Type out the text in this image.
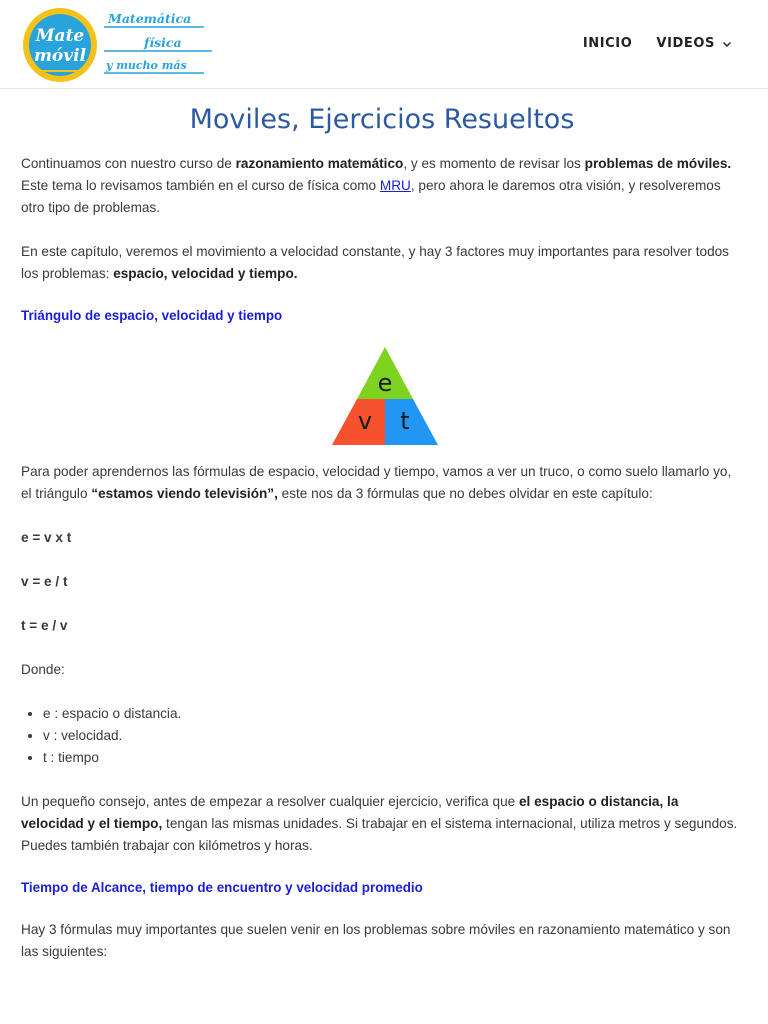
Mate
móvil
Matemática
física
y mucho más
INICIO VIDEOS
Moviles, Ejercicios Resueltos

Continuamos con nuestro curso de razonamiento matemático, y es momento de revisar los problemas de móviles. Este tema lo revisamos también en el curso de física como MRU, pero ahora le daremos otra visión, y resolveremos otro tipo de problemas.

En este capítulo, veremos el movimiento a velocidad constante, y hay 3 factores muy importantes para resolver todos los problemas: espacio, velocidad y tiempo.

Triángulo de espacio, velocidad y tiempo
e
v t

Para poder aprendernos las fórmulas de espacio, velocidad y tiempo, vamos a ver un truco, o como suelo llamarlo yo, el triángulo “estamos viendo televisión”, este nos da 3 fórmulas que no debes olvidar en este capítulo:

e = v x t

v = e / t

t = e / v

Donde:

• e : espacio o distancia.
• v : velocidad.
• t : tiempo

Un pequeño consejo, antes de empezar a resolver cualquier ejercicio, verifica que el espacio o distancia, la velocidad y el tiempo, tengan las mismas unidades. Si trabajar en el sistema internacional, utiliza metros y segundos. Puedes también trabajar con kilómetros y horas.

Tiempo de Alcance, tiempo de encuentro y velocidad promedio

Hay 3 fórmulas muy importantes que suelen venir en los problemas sobre móviles en razonamiento matemático y son las siguientes:
